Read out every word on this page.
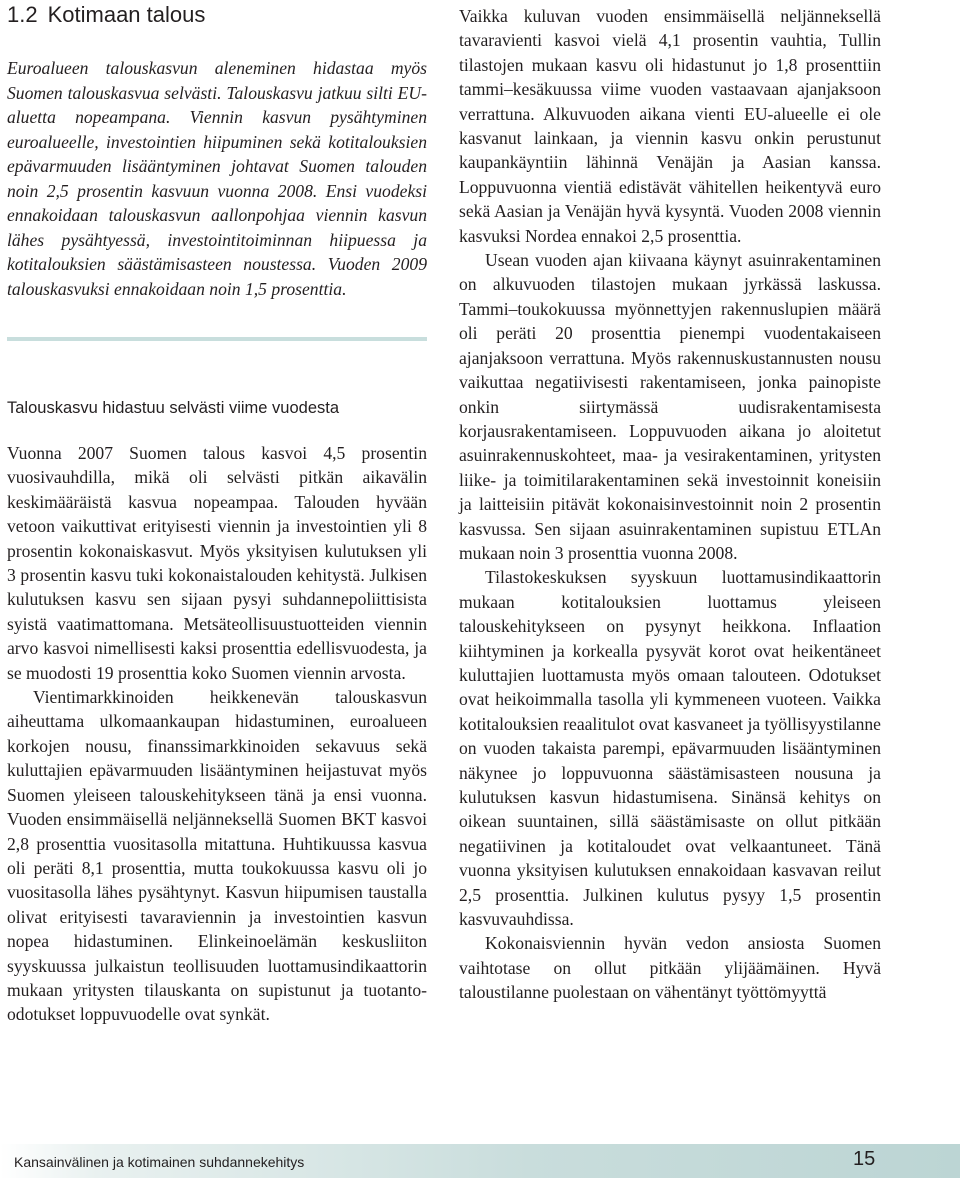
1.2 Kotimaan talous

Euroalueen talouskasvun aleneminen hidastaa myös Suomen talouskasvua selvästi. Talouskasvu jatkuu silti EU-aluetta nopeampana. Viennin kasvun pysähtyminen euroalueelle, investointien hiipuminen sekä kotitalouksien epävarmuuden lisääntyminen johtavat Suomen talouden noin 2,5 prosentin kasvuun vuonna 2008. Ensi vuodeksi ennakoidaan talouskasvun aallonpohjaa viennin kasvun lähes pysähtyessä, investointitoiminnan hiipuessa ja kotitalouksien säästämisasteen noustessa. Vuoden 2009 talouskasvuksi ennakoidaan noin 1,5 prosenttia.

Talouskasvu hidastuu selvästi viime vuodesta

Vuonna 2007 Suomen talous kasvoi 4,5 prosentin vuosivauhdilla, mikä oli selvästi pitkän aikavälin keskimääräistä kasvua nopeampaa. Talouden hyvään vetoon vaikuttivat erityisesti viennin ja investointien yli 8 prosentin kokonaiskasvut. Myös yksityisen kulutuksen yli 3 prosentin kasvu tuki kokonaistalouden kehitystä. Julkisen kulutuksen kasvu sen sijaan pysyi suhdannepoliittisista syistä vaatimattomana. Metsäteollisuustuotteiden viennin arvo kasvoi nimellisesti kaksi prosenttia edellisvuodesta, ja se muodosti 19 prosenttia koko Suomen viennin arvosta.

Vientimarkkinoiden heikkenevän talouskasvun aiheuttama ulkomaankaupan hidastuminen, euroalueen korkojen nousu, finanssimarkkinoiden sekavuus sekä kuluttajien epävarmuuden lisääntyminen heijastuvat myös Suomen yleiseen talouskehitykseen tänä ja ensi vuonna. Vuoden ensimmäisellä neljänneksellä Suomen BKT kasvoi 2,8 prosenttia vuositasolla mitattuna. Huhtikuussa kasvua oli peräti 8,1 prosenttia, mutta toukokuussa kasvu oli jo vuositasolla lähes pysähtynyt. Kasvun hiipumisen taustalla olivat erityisesti tavaraviennin ja investointien kasvun nopea hidastuminen. Elinkeinoelämän keskusliiton syyskuussa julkaistun teollisuuden luottamusindikaattorin mukaan yritysten tilauskanta on supistunut ja tuotanto-odotukset loppuvuodelle ovat synkät.

Vaikka kuluvan vuoden ensimmäisellä neljänneksellä tavaravienti kasvoi vielä 4,1 prosentin vauhtia, Tullin tilastojen mukaan kasvu oli hidastunut jo 1,8 prosenttiin tammi–kesäkuussa viime vuoden vastaavaan ajanjaksoon verrattuna. Alkuvuoden aikana vienti EU-alueelle ei ole kasvanut lainkaan, ja viennin kasvu onkin perustunut kaupankäyntiin lähinnä Venäjän ja Aasian kanssa. Loppuvuonna vientiä edistävät vähitellen heikentyvä euro sekä Aasian ja Venäjän hyvä kysyntä. Vuoden 2008 viennin kasvuksi Nordea ennakoi 2,5 prosenttia.

Usean vuoden ajan kiivaana käynyt asuinrakentaminen on alkuvuoden tilastojen mukaan jyrkässä laskussa. Tammi–toukokuussa myönnettyjen rakennuslupien määrä oli peräti 20 prosenttia pienempi vuodentakaiseen ajanjaksoon verrattuna. Myös rakennuskustannusten nousu vaikuttaa negatiivisesti rakentamiseen, jonka painopiste onkin siirtymässä uudisrakentamisesta korjausrakentamiseen. Loppuvuoden aikana jo aloitetut asuinrakennuskohteet, maa- ja vesirakentaminen, yritysten liike- ja toimitilarakentaminen sekä investoinnit koneisiin ja laitteisiin pitävät kokonaisinvestoinnit noin 2 prosentin kasvussa. Sen sijaan asuinrakentaminen supistuu ETLAn mukaan noin 3 prosenttia vuonna 2008.

Tilastokeskuksen syyskuun luottamusindikaattorin mukaan kotitalouksien luottamus yleiseen talouskehitykseen on pysynyt heikkona. Inflaation kiihtyminen ja korkealla pysyvät korot ovat heikentäneet kuluttajien luottamusta myös omaan talouteen. Odotukset ovat heikoimmalla tasolla yli kymmeneen vuoteen. Vaikka kotitalouksien reaalitulot ovat kasvaneet ja työllisyystilanne on vuoden takaista parempi, epävarmuuden lisääntyminen näkynee jo loppuvuonna säästämisasteen nousuna ja kulutuksen kasvun hidastumisena. Sinänsä kehitys on oikean suuntainen, sillä säästämisaste on ollut pitkään negatiivinen ja kotitaloudet ovat velkaantuneet. Tänä vuonna yksityisen kulutuksen ennakoidaan kasvavan reilut 2,5 prosenttia. Julkinen kulutus pysyy 1,5 prosentin kasvuvauhdissa.

Kokonaisviennin hyvän vedon ansiosta Suomen vaihtotase on ollut pitkään ylijäämäinen. Hyvä taloustilanne puolestaan on vähentänyt työttömyyttä

Kansainvälinen ja kotimainen suhdannekehitys	15
